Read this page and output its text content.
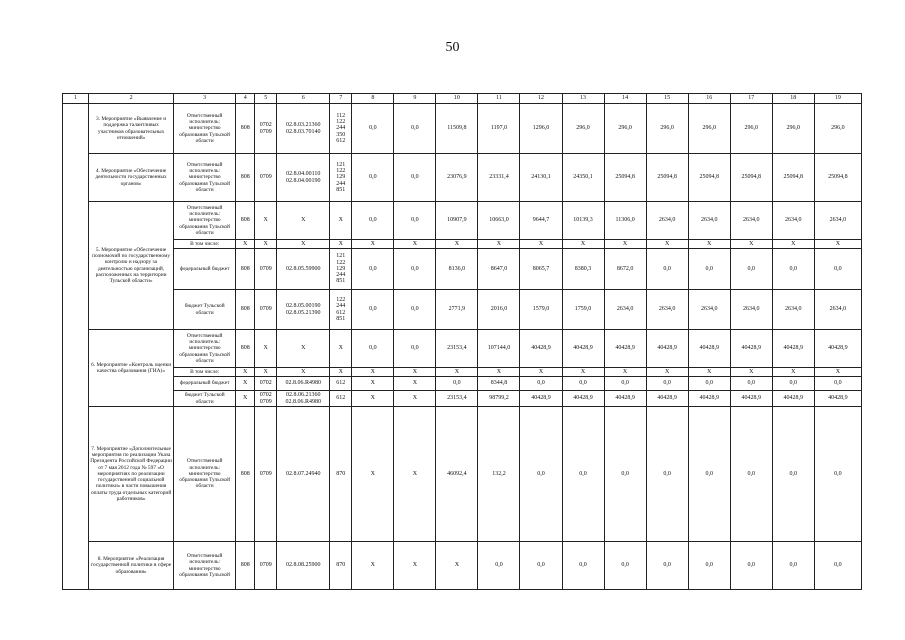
50
1	2	3	4	5	6	7	8	9	10	11	12	13	14	15	16	17	18	19
	3. Мероприятие «Выявление и поддержка талантливых участников образовательных отношений»	Ответственный исполнитель: министерство образования Тульской области	808	0702 0709	02.8.03.21360 02.8.03.70140	112 122 244 350 612	0,0	0,0	11509,8	1197,0	1296,0	296,0	296,0	296,0	296,0	296,0	296,0	296,0
	4. Мероприятие «Обеспечение деятельности государственных органов»	Ответственный исполнитель: министерство образования Тульской области	808	0709	02.8.04.00110 02.8.04.00190	121 122 129 244 851	0,0	0,0	23076,9	23331,4	24130,1	24350,1	25094,8	25094,8	25094,8	25094,8	25094,8	25094,8
	5. Мероприятие «Обеспечение полномочий по государственному контролю и надзору за деятельностью организаций, расположенных на территории Тульской области»	Ответственный исполнитель: министерство образования Тульской области	808	X	X	X	0,0	0,0	10907,9	10663,0	9644,7	10139,3	11306,0	2634,0	2634,0	2634,0	2634,0	2634,0
		В том числе:	X	X	X	X	X	X	X	X	X	X	X	X	X	X	X	X
		федеральный бюджет	808	0709	02.8.05.59900	121 122 129 244 851	0,0	0,0	8136,0	8647,0	8065,7	8380,3	8672,0	0,0	0,0	0,0	0,0	0,0
		бюджет Тульской области	808	0709	02.8.05.00190 02.8.05.21390	122 244 612 851	0,0	0,0	2771,9	2016,0	1579,0	1759,0	2634,0	2634,0	2634,0	2634,0	2634,0	2634,0
	6. Мероприятие «Контроль оценки качества образования (ГИА)»	Ответственный исполнитель: министерство образования Тульской области	808	X	X	X	0,0	0,0	23153,4	107144,0	40428,9	40428,9	40428,9	40428,9	40428,9	40428,9	40428,9	40428,9
		В том числе:	X	X	X	X	X	X	X	X	X	X	X	X	X	X	X	X
		федеральный бюджет	X	0702	02.8.06.R4980	612	X	X	0,0	8344,8	0,0	0,0	0,0	0,0	0,0	0,0	0,0	0,0
		бюджет Тульской области	X	0702 0709	02.8.06.21360 02.8.06.R4980	612	X	X	23153,4	98799,2	40428,9	40428,9	40428,9	40428,9	40428,9	40428,9	40428,9	40428,9
	7. Мероприятие «Дополнительные мероприятия по реализации Указа Президента Российской Федерации от 7 мая 2012 года № 597 «О мероприятиях по реализации государственной социальной политики» в части повышения оплаты труда отдельных категорий работников»	Ответственный исполнитель: министерство образования Тульской области	808	0709	02.8.07.24940	870	X	X	46092,4	132,2	0,0	0,0	0,0	0,0	0,0	0,0	0,0	0,0
	8. Мероприятие «Реализация государственной политики в сфере образования»	Ответственный исполнитель: министерство образования Тульской	808	0709	02.8.08.25900	870	X	X	X	0,0	0,0	0,0	0,0	0,0	0,0	0,0	0,0	0,0
